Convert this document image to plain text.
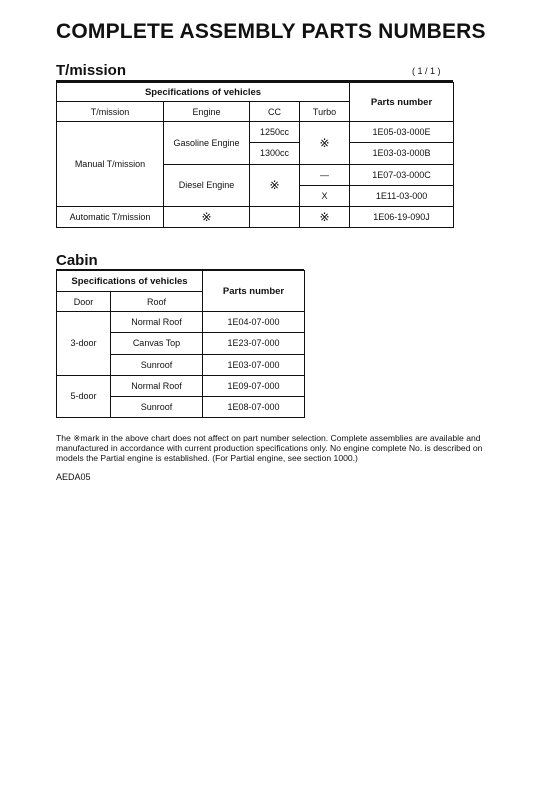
COMPLETE ASSEMBLY PARTS NUMBERS
T/mission	( 1 / 1 )
Specifications of vehicles				Parts number
T/mission	Engine	CC	Turbo	
Manual T/mission	Gasoline Engine	1250cc	※	1E05-03-000E
		1300cc		1E03-03-000B
	Diesel Engine	※	—	1E07-03-000C
			X	1E11-03-000
Automatic T/mission	※		※	1E06-19-090J
Cabin
Specifications of vehicles		Parts number
Door	Roof	
3-door	Normal Roof	1E04-07-000
	Canvas Top	1E23-07-000
	Sunroof	1E03-07-000
5-door	Normal Roof	1E09-07-000
	Sunroof	1E08-07-000
The ※mark in the above chart does not affect on part number selection. Complete assemblies are available and manufactured in accordance with current production specifications only. No engine complete No. is described on models the Partial engine is established. (For Partial engine, see section 1000.)
AEDA05
